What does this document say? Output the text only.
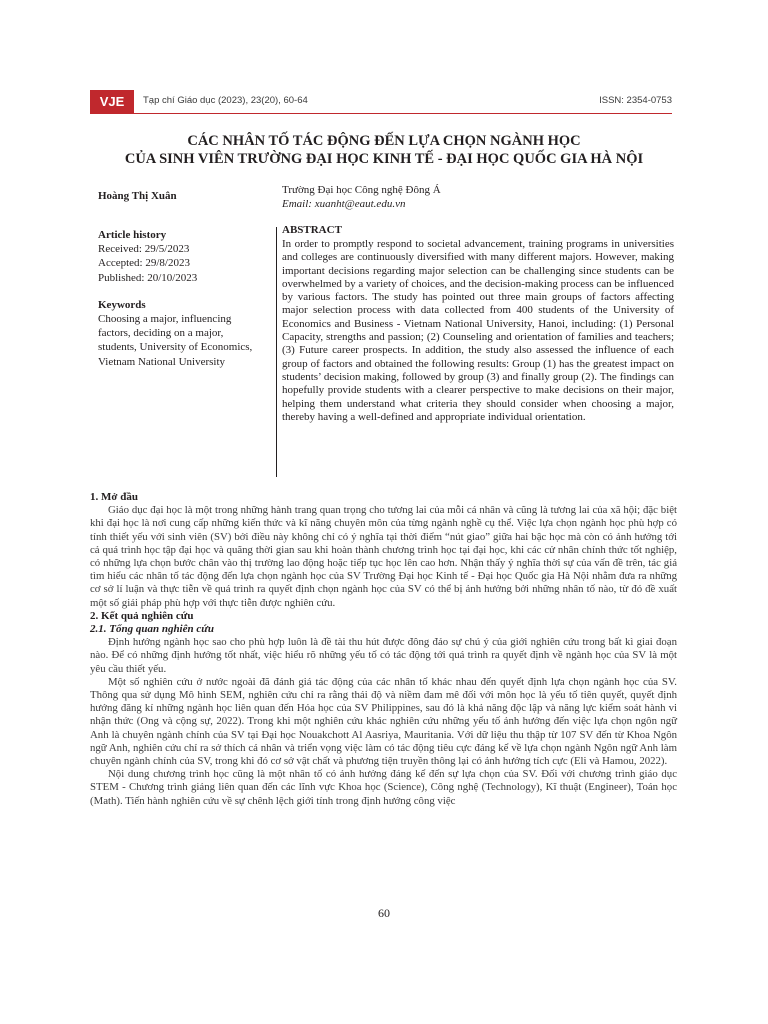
VJE	Tạp chí Giáo dục (2023), 23(20), 60-64	ISSN: 2354-0753
CÁC NHÂN TỐ TÁC ĐỘNG ĐẾN LỰA CHỌN NGÀNH HỌC
CỦA SINH VIÊN TRƯỜNG ĐẠI HỌC KINH TẾ - ĐẠI HỌC QUỐC GIA HÀ NỘI
Hoàng Thị Xuân	Trường Đại học Công nghệ Đông Á
Email: xuanht@eaut.edu.vn
Article history
Received: 29/5/2023
Accepted: 29/8/2023
Published: 20/10/2023
Keywords
Choosing a major, influencing factors, deciding on a major, students, University of Economics, Vietnam National University
ABSTRACT
In order to promptly respond to societal advancement, training programs in universities and colleges are continuously diversified with many different majors. However, making important decisions regarding major selection can be challenging since students can be overwhelmed by a variety of choices, and the decision-making process can be influenced by various factors. The study has pointed out three main groups of factors affecting major selection process with data collected from 400 students of the University of Economics and Business - Vietnam National University, Hanoi, including: (1) Personal Capacity, strengths and passion; (2) Counseling and orientation of families and teachers; (3) Future career prospects. In addition, the study also assessed the influence of each group of factors and obtained the following results: Group (1) has the greatest impact on students’ decision making, followed by group (3) and finally group (2). The findings can hopefully provide students with a clearer perspective to make decisions on their major, helping them understand what criteria they should consider when choosing a major, thereby having a well-defined and appropriate individual orientation.
1. Mở đầu

Giáo dục đại học là một trong những hành trang quan trọng cho tương lai của mỗi cá nhân và cũng là tương lai của xã hội; đặc biệt khi đại học là nơi cung cấp những kiến thức và kĩ năng chuyên môn của từng ngành nghề cụ thể. Việc lựa chọn ngành học phù hợp có tính thiết yếu với sinh viên (SV) bởi điều này không chỉ có ý nghĩa tại thời điểm “nút giao” giữa hai bậc học mà còn có ảnh hưởng tới cả quá trình học tập đại học và quãng thời gian sau khi hoàn thành chương trình học tại đại học, khi các cử nhân chính thức tốt nghiệp, có những lựa chọn bước chân vào thị trường lao động hoặc tiếp tục học lên cao hơn. Nhận thấy ý nghĩa thời sự của vấn đề trên, tác giả tìm hiểu các nhân tố tác động đến lựa chọn ngành học của SV Trường Đại học Kinh tế - Đại học Quốc gia Hà Nội nhằm đưa ra những cơ sở lí luận và thực tiễn về quá trình ra quyết định chọn ngành học của SV có thể bị ảnh hưởng bởi những nhân tố nào, từ đó đề xuất một số giải pháp phù hợp với thực tiễn được nghiên cứu.

2. Kết quả nghiên cứu
2.1. Tổng quan nghiên cứu

Định hướng ngành học sao cho phù hợp luôn là đề tài thu hút được đông đảo sự chú ý của giới nghiên cứu trong bất kì giai đoạn nào. Để có những định hướng tốt nhất, việc hiểu rõ những yếu tố có tác động tới quá trình ra quyết định về ngành học của SV là một yêu cầu thiết yếu.

Một số nghiên cứu ở nước ngoài đã đánh giá tác động của các nhân tố khác nhau đến quyết định lựa chọn ngành học của SV. Thông qua sử dụng Mô hình SEM, nghiên cứu chỉ ra rằng thái độ và niềm đam mê đối với môn học là yếu tố tiên quyết, quyết định hướng đăng kí những ngành học liên quan đến Hóa học của SV Philippines, sau đó là khả năng độc lập và năng lực kiểm soát hành vi nhận thức (Ong và cộng sự, 2022). Trong khi một nghiên cứu khác nghiên cứu những yếu tố ảnh hưởng đến việc lựa chọn ngôn ngữ Anh là chuyên ngành chính của SV tại Đại học Nouakchott Al Aasriya, Mauritania. Với dữ liệu thu thập từ 107 SV đến từ Khoa Ngôn ngữ Anh, nghiên cứu chỉ ra sở thích cá nhân và triển vọng việc làm có tác động tiêu cực đáng kể về lựa chọn ngành Ngôn ngữ Anh làm chuyên ngành chính của SV, trong khi đó cơ sở vật chất và phương tiện truyền thông lại có ảnh hưởng tích cực (Eli và Hamou, 2022).

Nội dung chương trình học cũng là một nhân tố có ảnh hưởng đáng kể đến sự lựa chọn của SV. Đối với chương trình giáo dục STEM - Chương trình giảng liên quan đến các lĩnh vực Khoa học (Science), Công nghệ (Technology), Kĩ thuật (Engineer), Toán học (Math). Tiến hành nghiên cứu về sự chênh lệch giới tính trong định hướng công việc

60
